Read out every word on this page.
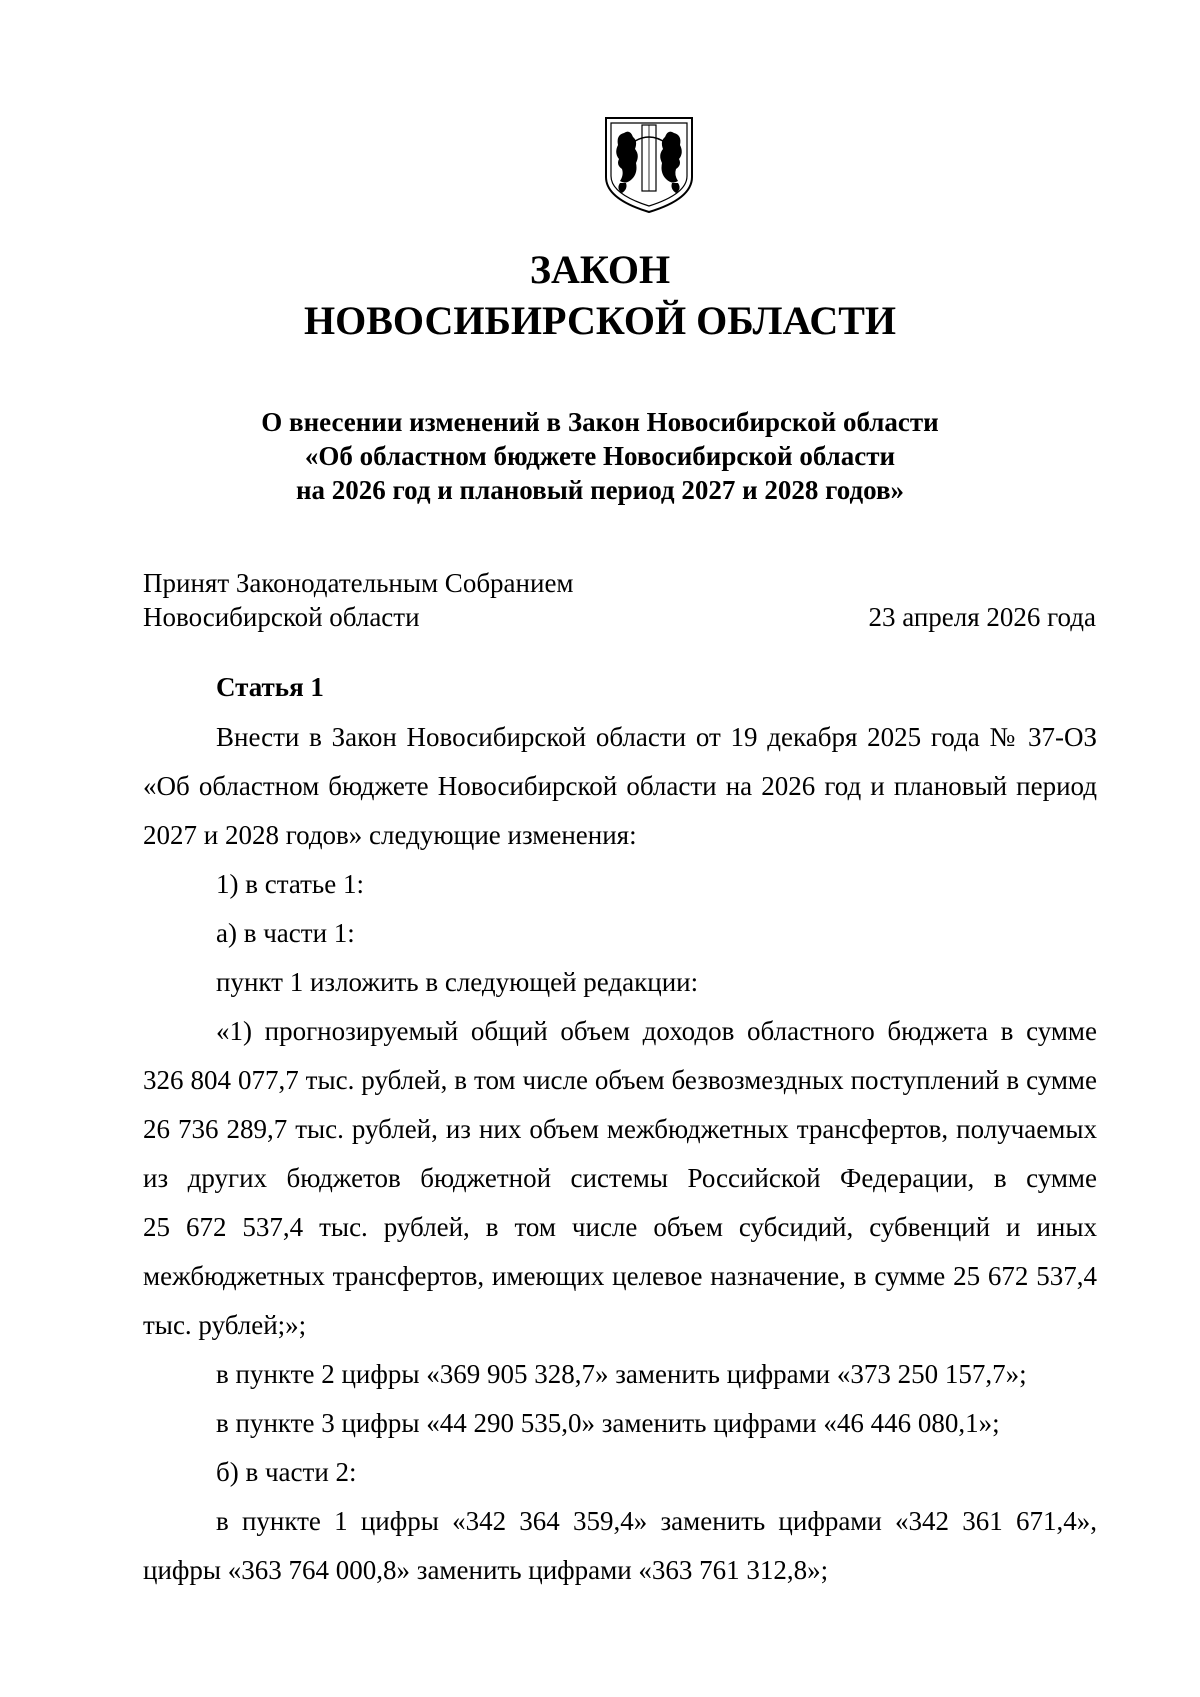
ЗАКОН
НОВОСИБИРСКОЙ ОБЛАСТИ
О внесении изменений в Закон Новосибирской области
«Об областном бюджете Новосибирской области
на 2026 год и плановый период 2027 и 2028 годов»
Принят Законодательным Собранием
Новосибирской области	23 апреля 2026 года
Статья 1
Внести в Закон Новосибирской области от 19 декабря 2025 года № 37-ОЗ
«Об областном бюджете Новосибирской области на 2026 год и плановый период
2027 и 2028 годов» следующие изменения:
1) в статье 1:
а) в части 1:
пункт 1 изложить в следующей редакции:
«1) прогнозируемый общий объем доходов областного бюджета в сумме
326 804 077,7 тыс. рублей, в том числе объем безвозмездных поступлений в сумме
26 736 289,7 тыс. рублей, из них объем межбюджетных трансфертов, получаемых
из других бюджетов бюджетной системы Российской Федерации, в сумме
25 672 537,4 тыс. рублей, в том числе объем субсидий, субвенций и иных
межбюджетных трансфертов, имеющих целевое назначение, в сумме 25 672 537,4
тыс. рублей;»;
в пункте 2 цифры «369 905 328,7» заменить цифрами «373 250 157,7»;
в пункте 3 цифры «44 290 535,0» заменить цифрами «46 446 080,1»;
б) в части 2:
в пункте 1 цифры «342 364 359,4» заменить цифрами «342 361 671,4»,
цифры «363 764 000,8» заменить цифрами «363 761 312,8»;
